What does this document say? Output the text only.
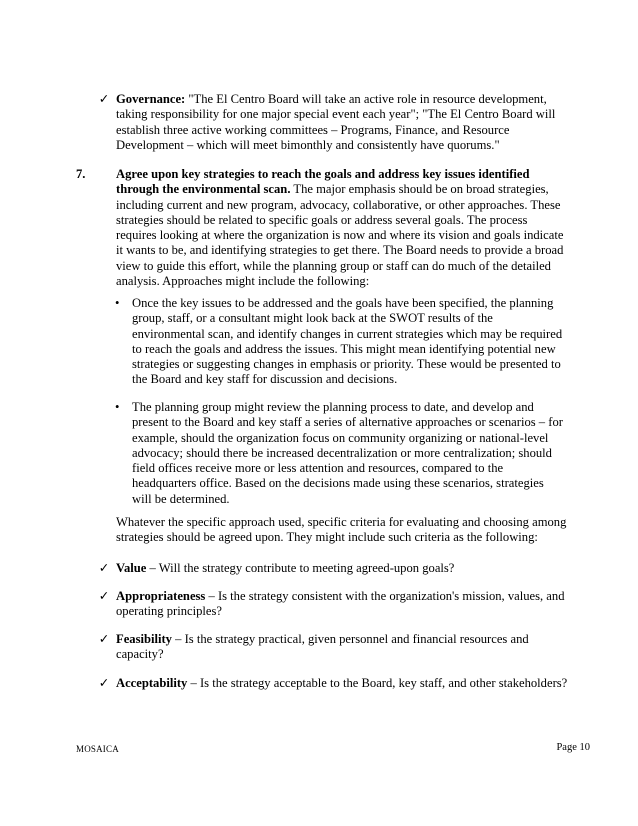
✓ Governance: "The El Centro Board will take an active role in resource development, taking responsibility for one major special event each year"; "The El Centro Board will establish three active working committees – Programs, Finance, and Resource Development – which will meet bimonthly and consistently have quorums."
7. Agree upon key strategies to reach the goals and address key issues identified through the environmental scan. The major emphasis should be on broad strategies, including current and new program, advocacy, collaborative, or other approaches. These strategies should be related to specific goals or address several goals. The process requires looking at where the organization is now and where its vision and goals indicate it wants to be, and identifying strategies to get there. The Board needs to provide a broad view to guide this effort, while the planning group or staff can do much of the detailed analysis. Approaches might include the following:
• Once the key issues to be addressed and the goals have been specified, the planning group, staff, or a consultant might look back at the SWOT results of the environmental scan, and identify changes in current strategies which may be required to reach the goals and address the issues. This might mean identifying potential new strategies or suggesting changes in emphasis or priority. These would be presented to the Board and key staff for discussion and decisions.
• The planning group might review the planning process to date, and develop and present to the Board and key staff a series of alternative approaches or scenarios – for example, should the organization focus on community organizing or national-level advocacy; should there be increased decentralization or more centralization; should field offices receive more or less attention and resources, compared to the headquarters office. Based on the decisions made using these scenarios, strategies will be determined.
Whatever the specific approach used, specific criteria for evaluating and choosing among strategies should be agreed upon. They might include such criteria as the following:
✓ Value – Will the strategy contribute to meeting agreed-upon goals?
✓ Appropriateness – Is the strategy consistent with the organization's mission, values, and operating principles?
✓ Feasibility – Is the strategy practical, given personnel and financial resources and capacity?
✓ Acceptability – Is the strategy acceptable to the Board, key staff, and other stakeholders?
MOSAICA	Page 10
